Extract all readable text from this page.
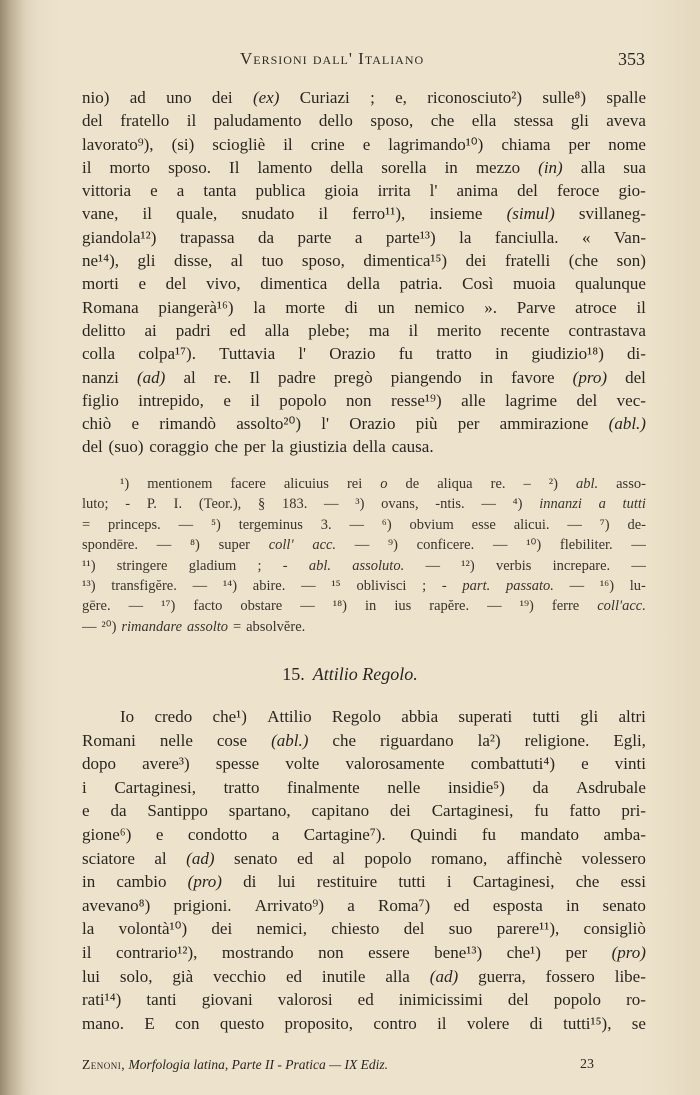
Versioni dall' Italiano	353
nio) ad uno dei (ex) Curiazi ; e, riconosciuto²) sulle⁸) spalle
del fratello il paludamento dello sposo, che ella stessa gli aveva
lavorato⁹), (si) sciogliè il crine e lagrimando¹⁰) chiama per nome
il morto sposo. Il lamento della sorella in mezzo (in) alla sua
vittoria e a tanta publica gioia irrita l' anima del feroce gio-
vane, il quale, snudato il ferro¹¹), insieme (simul) svillaneg-
giandola¹²) trapassa da parte a parte¹³) la fanciulla. « Van-
ne¹⁴), gli disse, al tuo sposo, dimentica¹⁵) dei fratelli (che son)
morti e del vivo, dimentica della patria. Così muoia qualunque
Romana piangerà¹⁶) la morte di un nemico ». Parve atroce il
delitto ai padri ed alla plebe; ma il merito recente contrastava
colla colpa¹⁷). Tuttavia l' Orazio fu tratto in giudizio¹⁸) di-
nanzi (ad) al re. Il padre pregò piangendo in favore (pro) del
figlio intrepido, e il popolo non resse¹⁹) alle lagrime del vec-
chiò e rimandò assolto²⁰) l' Orazio più per ammirazione (abl.)
del (suo) coraggio che per la giustizia della causa.
¹) mentionem facere alicuius rei o de aliqua re. – ²) abl. asso-
luto; - P. I. (Teor.), § 183. — ³) ovans, -ntis. — ⁴) innanzi a tutti
= princeps. — ⁵) tergeminus 3. — ⁶) obvium esse alicui. — ⁷) de-
spondēre. — ⁸) super coll' acc. — ⁹) conficere. — ¹⁰) flebiliter. —
¹¹) stringere gladium ; - abl. assoluto. — ¹²) verbis increpare. —
¹³) transfigĕre. — ¹⁴) abire. — ¹⁵ oblivisci ; - part. passato. — ¹⁶) lu-
gēre. — ¹⁷) facto obstare — ¹⁸) in ius rapĕre. — ¹⁹) ferre coll'acc.
— ²⁰) rimandare assolto = absolvĕre.
15. Attilio Regolo.
Io credo che¹) Attilio Regolo abbia superati tutti gli altri
Romani nelle cose (abl.) che riguardano la²) religione. Egli,
dopo avere³) spesse volte valorosamente combattuti⁴) e vinti
i Cartaginesi, tratto finalmente nelle insidie⁵) da Asdrubale
e da Santippo spartano, capitano dei Cartaginesi, fu fatto pri-
gione⁶) e condotto a Cartagine⁷). Quindi fu mandato amba-
sciatore al (ad) senato ed al popolo romano, affinchè volessero
in cambio (pro) di lui restituire tutti i Cartaginesi, che essi
avevano⁸) prigioni. Arrivato⁹) a Roma⁷) ed esposta in senato
la volontà¹⁰) dei nemici, chiesto del suo parere¹¹), consigliò
il contrario¹²), mostrando non essere bene¹³) che¹) per (pro)
lui solo, già vecchio ed inutile alla (ad) guerra, fossero libe-
rati¹⁴) tanti giovani valorosi ed inimicissimi del popolo ro-
mano. E con questo proposito, contro il volere di tutti¹⁵), se
Zenoni, Morfologia latina, Parte II - Pratica — IX Ediz.	23
